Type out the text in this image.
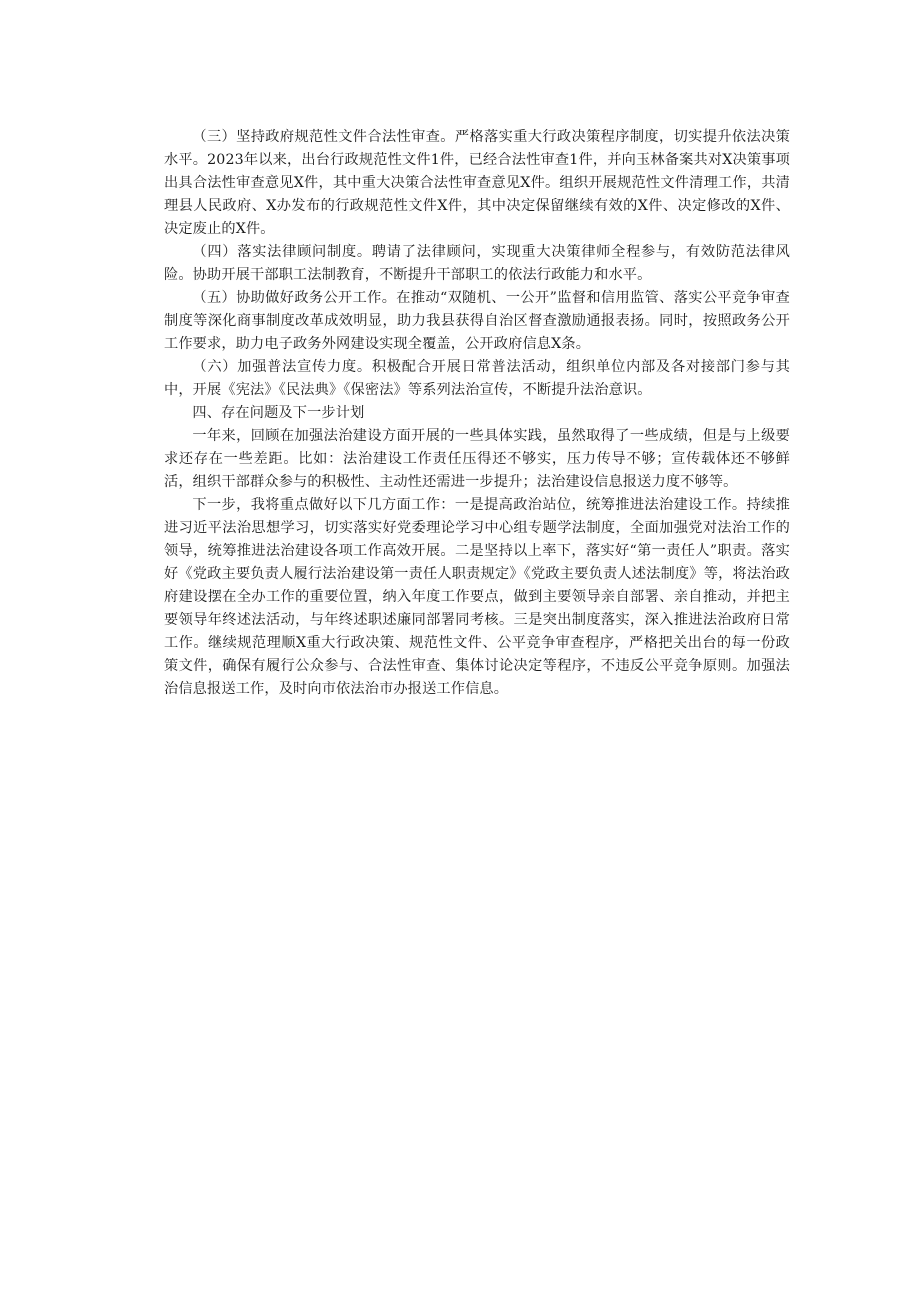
（三）坚持政府规范性文件合法性审查。严格落实重大行政决策程序制度，切实提升依法决策水平。2023年以来，出台行政规范性文件1件，已经合法性审查1件，并向玉林备案共对X决策事项出具合法性审查意见X件，其中重大决策合法性审查意见X件。组织开展规范性文件清理工作，共清理县人民政府、X办发布的行政规范性文件X件，其中决定保留继续有效的X件、决定修改的X件、决定废止的X件。

（四）落实法律顾问制度。聘请了法律顾问，实现重大决策律师全程参与，有效防范法律风险。协助开展干部职工法制教育，不断提升干部职工的依法行政能力和水平。

（五）协助做好政务公开工作。在推动“双随机、一公开”监督和信用监管、落实公平竞争审查制度等深化商事制度改革成效明显，助力我县获得自治区督查激励通报表扬。同时，按照政务公开工作要求，助力电子政务外网建设实现全覆盖，公开政府信息X条。

（六）加强普法宣传力度。积极配合开展日常普法活动，组织单位内部及各对接部门参与其中，开展《宪法》《民法典》《保密法》等系列法治宣传，不断提升法治意识。

四、存在问题及下一步计划

一年来，回顾在加强法治建设方面开展的一些具体实践，虽然取得了一些成绩，但是与上级要求还存在一些差距。比如：法治建设工作责任压得还不够实，压力传导不够；宣传载体还不够鲜活，组织干部群众参与的积极性、主动性还需进一步提升；法治建设信息报送力度不够等。

下一步，我将重点做好以下几方面工作：一是提高政治站位，统筹推进法治建设工作。持续推进习近平法治思想学习，切实落实好党委理论学习中心组专题学法制度，全面加强党对法治工作的领导，统筹推进法治建设各项工作高效开展。二是坚持以上率下，落实好“第一责任人”职责。落实好《党政主要负责人履行法治建设第一责任人职责规定》《党政主要负责人述法制度》等，将法治政府建设摆在全办工作的重要位置，纳入年度工作要点，做到主要领导亲自部署、亲自推动，并把主要领导年终述法活动，与年终述职述廉同部署同考核。三是突出制度落实，深入推进法治政府日常工作。继续规范理顺X重大行政决策、规范性文件、公平竞争审查程序，严格把关出台的每一份政策文件，确保有履行公众参与、合法性审查、集体讨论决定等程序，不违反公平竞争原则。加强法治信息报送工作，及时向市依法治市办报送工作信息。
